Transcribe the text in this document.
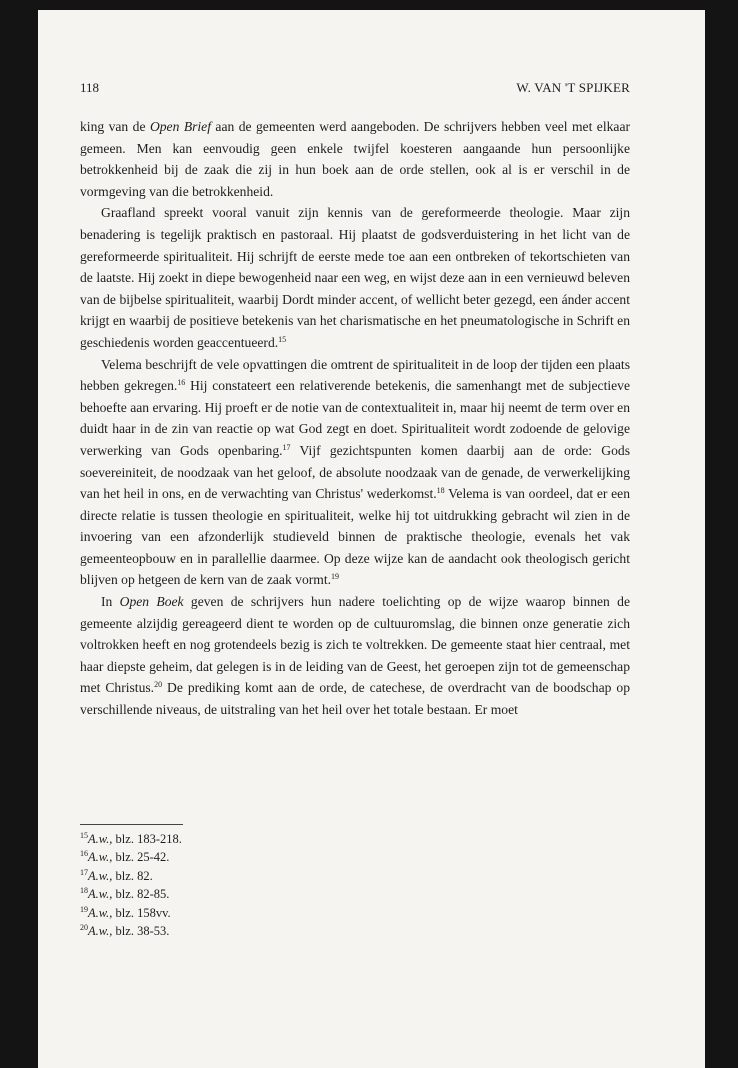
118	W. VAN 'T SPIJKER

king van de Open Brief aan de gemeenten werd aangeboden. De schrijvers hebben veel met elkaar gemeen. Men kan eenvoudig geen enkele twijfel koesteren aangaande hun persoonlijke betrokkenheid bij de zaak die zij in hun boek aan de orde stellen, ook al is er verschil in de vormgeving van die betrokkenheid.

Graafland spreekt vooral vanuit zijn kennis van de gereformeerde theologie. Maar zijn benadering is tegelijk praktisch en pastoraal. Hij plaatst de godsverduistering in het licht van de gereformeerde spiritualiteit. Hij schrijft de eerste mede toe aan een ontbreken of tekortschieten van de laatste. Hij zoekt in diepe bewogenheid naar een weg, en wijst deze aan in een vernieuwd beleven van de bijbelse spiritualiteit, waarbij Dordt minder accent, of wellicht beter gezegd, een ánder accent krijgt en waarbij de positieve betekenis van het charismatische en het pneumatologische in Schrift en geschiedenis worden geaccentueerd.$^{15}$

Velema beschrijft de vele opvattingen die omtrent de spiritualiteit in de loop der tijden een plaats hebben gekregen.$^{16}$ Hij constateert een relativerende betekenis, die samenhangt met de subjectieve behoefte aan ervaring. Hij proeft er de notie van de contextualiteit in, maar hij neemt de term over en duidt haar in de zin van reactie op wat God zegt en doet. Spiritualiteit wordt zodoende de gelovige verwerking van Gods openbaring.$^{17}$ Vijf gezichtspunten komen daarbij aan de orde: Gods soevereiniteit, de noodzaak van het geloof, de absolute noodzaak van de genade, de verwerkelijking van het heil in ons, en de verwachting van Christus' wederkomst.$^{18}$ Velema is van oordeel, dat er een directe relatie is tussen theologie en spiritualiteit, welke hij tot uitdrukking gebracht wil zien in de invoering van een afzonderlijk studieveld binnen de praktische theologie, evenals het vak gemeenteopbouw en in parallellie daarmee. Op deze wijze kan de aandacht ook theologisch gericht blijven op hetgeen de kern van de zaak vormt.$^{19}$

In Open Boek geven de schrijvers hun nadere toelichting op de wijze waarop binnen de gemeente alzijdig gereageerd dient te worden op de cultuuromslag, die binnen onze generatie zich voltrokken heeft en nog grotendeels bezig is zich te voltrekken. De gemeente staat hier centraal, met haar diepste geheim, dat gelegen is in de leiding van de Geest, het geroepen zijn tot de gemeenschap met Christus.$^{20}$ De prediking komt aan de orde, de catechese, de overdracht van de boodschap op verschillende niveaus, de uitstraling van het heil over het totale bestaan. Er moet

$^{15}$A.w., blz. 183-218.
$^{16}$A.w., blz. 25-42.
$^{17}$A.w., blz. 82.
$^{18}$A.w., blz. 82-85.
$^{19}$A.w., blz. 158vv.
$^{20}$A.w., blz. 38-53.
